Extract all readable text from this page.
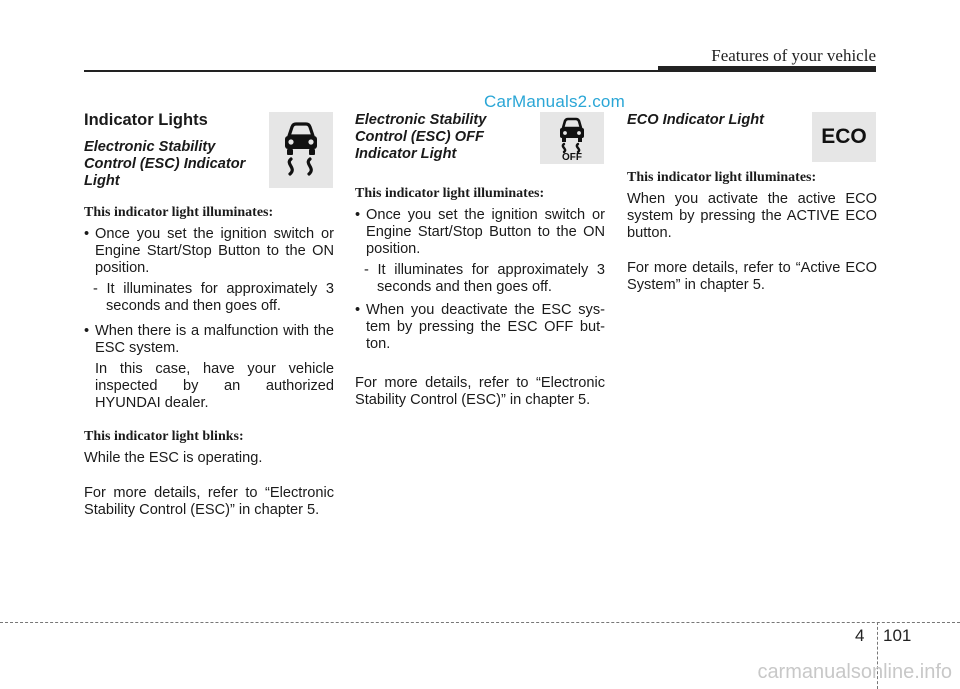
Features of your vehicle
CarManuals2.com
Indicator Lights
Electronic Stability Control (ESC) Indicator Light
This indicator light illuminates:
• Once you set the ignition switch or Engine Start/Stop Button to the ON position.
- It illuminates for approximately 3 seconds and then goes off.
• When there is a malfunction with the ESC system.
In this case, have your vehicle inspected by an authorized HYUNDAI dealer.
This indicator light blinks:
While the ESC is operating.
For more details, refer to “Electronic Stability Control (ESC)” in chapter 5.
Electronic Stability Control (ESC) OFF Indicator Light
This indicator light illuminates:
• Once you set the ignition switch or Engine Start/Stop Button to the ON position.
- It illuminates for approximately 3 seconds and then goes off.
• When you deactivate the ESC sys-tem by pressing the ESC OFF but-ton.
For more details, refer to “Electronic Stability Control (ESC)” in chapter 5.
ECO Indicator Light
This indicator light illuminates:
When you activate the active ECO system by pressing the ACTIVE ECO button.
For more details, refer to “Active ECO System” in chapter 5.
OFF
ECO
4 101
carmanualsonline.info
